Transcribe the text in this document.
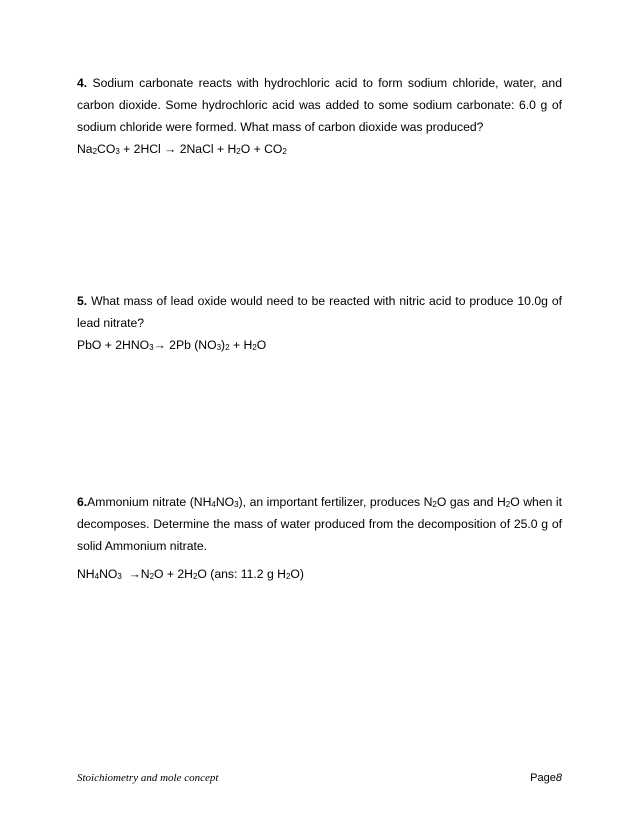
4. Sodium carbonate reacts with hydrochloric acid to form sodium chloride, water, and carbon dioxide. Some hydrochloric acid was added to some sodium carbonate: 6.0 g of sodium chloride were formed. What mass of carbon dioxide was produced?

$Na_2CO_3 + 2HCl$ → 2NaCl + $H_2O + CO_2$

5. What mass of lead oxide would need to be reacted with nitric acid to produce 10.0g of lead nitrate?

PbO + $2HNO_3\to 2Pb$ $(NO_3)_2 + H_2O$

6.Ammonium nitrate $(NH_4NO_3)$, an important fertilizer, produces $N_2O$ gas and $H_2O$ when it decomposes. Determine the mass of water produced from the decomposition of 25.0 g of solid Ammonium nitrate.

$NH_4NO_3 \to N_2O + 2H_2O$ (ans: 11.2 g $H_2O$)

Stoichiometry and mole concept	Page8
